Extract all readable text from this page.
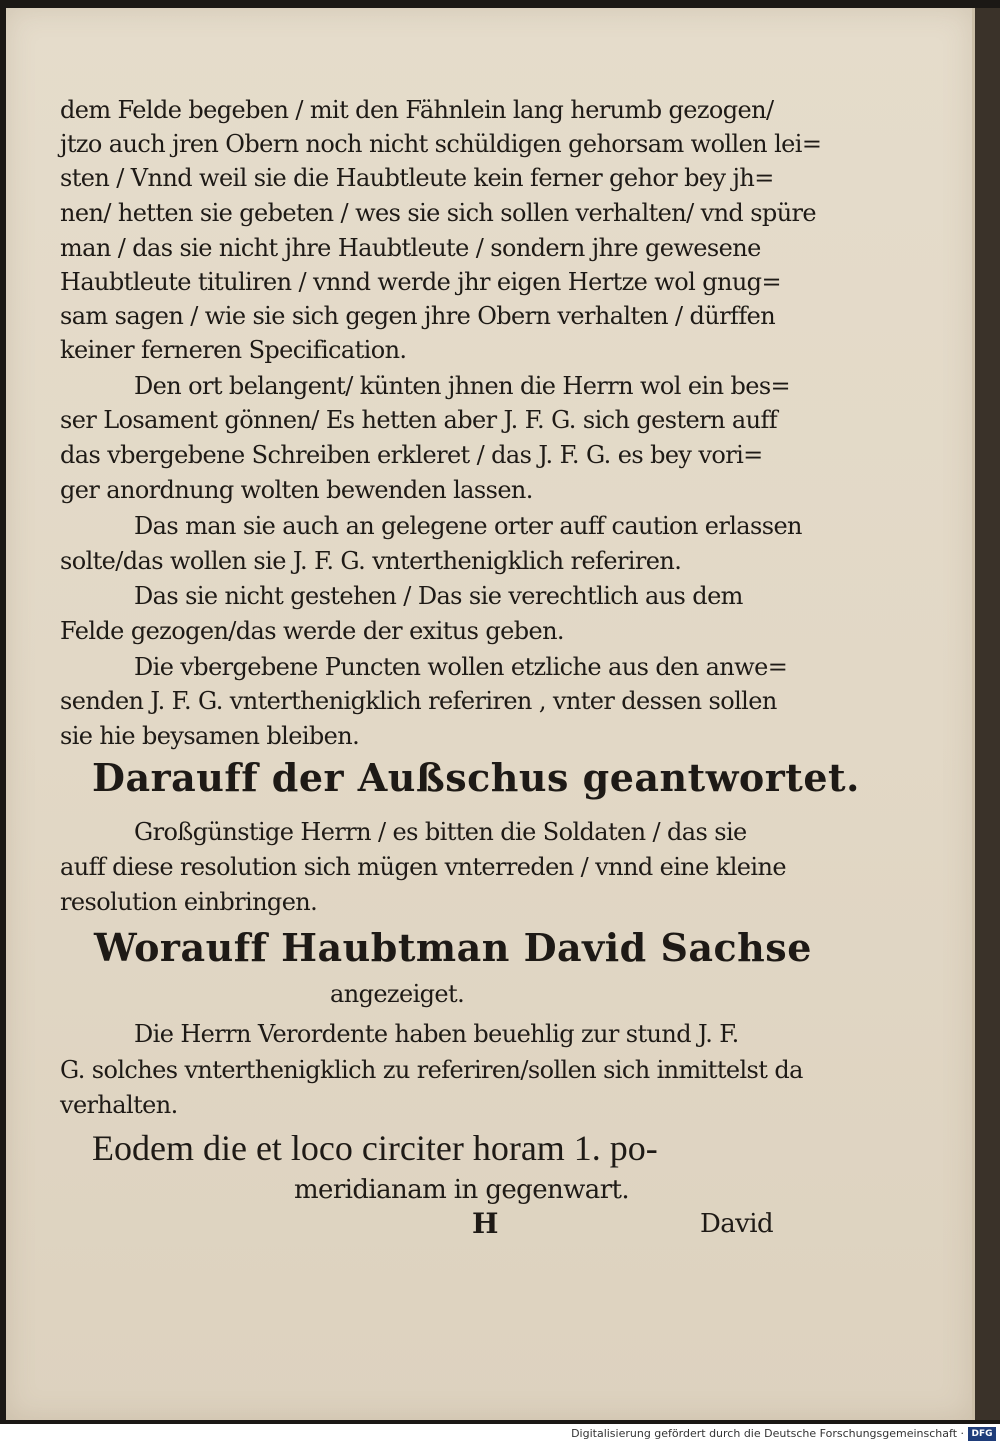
dem Felde begeben / mit den Fähnlein lang herumb gezogen/
jtzo auch jren Obern noch nicht schüldigen gehorsam wollen lei=
sten / Vnnd weil sie die Haubtleute kein ferner gehor bey jh=
nen/ hetten sie gebeten / wes sie sich sollen verhalten/ vnd spüre
man / das sie nicht jhre Haubtleute / sondern jhre gewesene
Haubtleute tituliren / vnnd werde jhr eigen Hertze wol gnug=
sam sagen / wie sie sich gegen jhre Obern verhalten / dürffen
keiner ferneren Specification.
Den ort belangent/ künten jhnen die Herrn wol ein bes=
ser Losament gönnen/ Es hetten aber J. F. G. sich gestern auff
das vbergebene Schreiben erkleret / das J. F. G. es bey vori=
ger anordnung wolten bewenden lassen.
Das man sie auch an gelegene orter auff caution erlassen
solte/das wollen sie J. F. G. vnterthenigklich referiren.
Das sie nicht gestehen / Das sie verechtlich aus dem
Felde gezogen/das werde der exitus geben.
Die vbergebene Puncten wollen etzliche aus den anwe=
senden J. F. G. vnterthenigklich referiren , vnter dessen sollen
sie hie beysamen bleiben.
Darauff der Außschus geantwortet.
Großgünstige Herrn / es bitten die Soldaten / das sie
auff diese resolution sich mügen vnterreden / vnnd eine kleine
resolution einbringen.
Worauff Haubtman David Sachse
angezeiget.
Die Herrn Verordente haben beuehlig zur stund J. F.
G. solches vnterthenigklich zu referiren/sollen sich inmittelst da
verhalten.
Eodem die et loco circiter horam 1. po-
meridianam in gegenwart.
H	David
Digitalisierung gefördert durch die Deutsche Forschungsgemeinschaft · DFG
